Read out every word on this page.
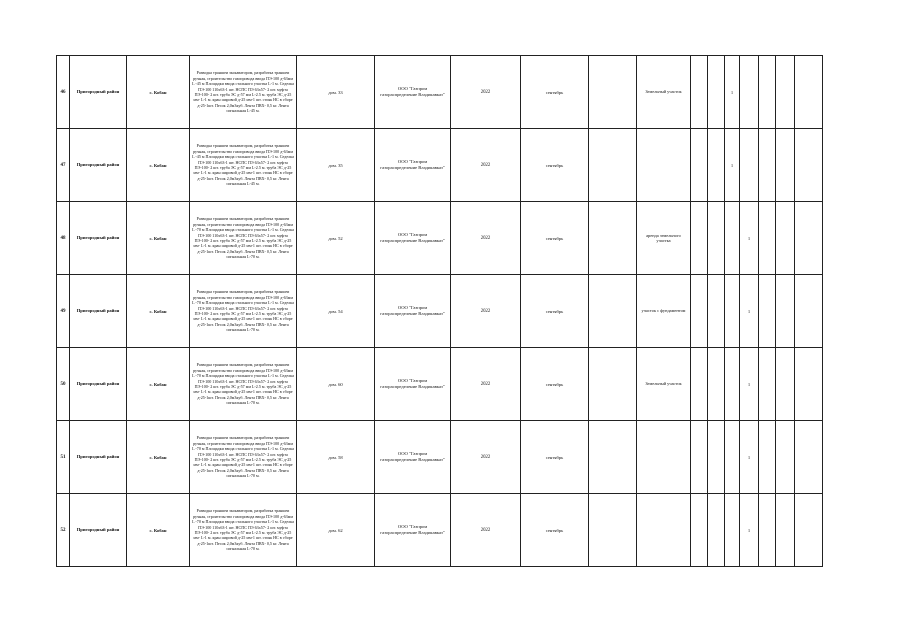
46	Пригородный район	с. Кобан	Разводка траншеи экскаватором, разработка траншеи ручная, строительство газопровода ввода ПЭ-100 д-63мм L -45 м Площадки ввода стального участка L-1 м. Седелка ПЭ-100 110х63-1 шт. НСПС ПЭ 63х57- 2 шт. муфта ПЭ-100- 2 шт. труба ЭС д-57 мм L-2.5 м. труба ЭС д-25 мм- L-1 м. кран шаровой д-25 мм-1 шт. стояк НС в сборе д-25-1шт. Песок 2,0м3куб. Лента ПВХ- 0,5 кг. Лента сигнальная L-45 м.	дом. 33	ООО "Газпром газораспределение Владикавказ"	2022	сентябрь		Земельный участок			1				
47	Пригородный район	с. Кобан	Разводка траншеи экскаватором, разработка траншеи ручная, строительство газопровода ввода ПЭ-100 д-63мм L -45 м Площадки ввода стального участка L-1 м. Седелка ПЭ-100 110х63-1 шт. НСПС ПЭ 63х57- 2 шт. муфта ПЭ-100- 2 шт. труба ЭС д-57 мм L-2.5 м. труба ЭС д-25 мм- L-1 м. кран шаровой д-25 мм-1 шт. стояк НС в сборе д-25-1шт. Песок 2,0м3куб. Лента ПВХ- 0,5 кг. Лента сигнальная L-45 м.	дом. 35	ООО "Газпром газораспределение Владикавказ"	2022	сентябрь					1				
48	Пригородный район	с. Кобан	Разводка траншеи экскаватором, разработка траншеи ручная, строительство газопровода ввода ПЭ-100 д-63мм L -70 м Площадки ввода стального участка L-1 м. Седелка ПЭ-100 110х63-1 шт. НСПС ПЭ 63х57- 2 шт. муфта ПЭ-100- 2 шт. труба ЭС д-57 мм L-2.5 м. труба ЭС д-25 мм- L-1 м. кран шаровой д-25 мм-1 шт. стояк НС в сборе д-25-1шт. Песок 2,0м3куб. Лента ПВХ- 0,5 кг. Лента сигнальная L-70 м.	дом. 52	ООО "Газпром газораспределение Владикавказ"	2022	сентябрь		аренда земельного участка				1			
49	Пригородный район	с. Кобан	Разводка траншеи экскаватором, разработка траншеи ручная, строительство газопровода ввода ПЭ-100 д-63мм L -70 м Площадки ввода стального участка L-1 м. Седелка ПЭ-100 110х63-1 шт. НСПС ПЭ 63х57- 2 шт. муфта ПЭ-100- 2 шт. труба ЭС д-57 мм L-2.5 м. труба ЭС д-25 мм- L-1 м. кран шаровой д-25 мм-1 шт. стояк НС в сборе д-25-1шт. Песок 2,0м3куб. Лента ПВХ- 0,5 кг. Лента сигнальная L-70 м.	дом. 54	ООО "Газпром газораспределение Владикавказ"	2022	сентябрь		участок с фундаментом				1			
50	Пригородный район	с. Кобан	Разводка траншеи экскаватором, разработка траншеи ручная, строительство газопровода ввода ПЭ-100 д-63мм L -70 м Площадки ввода стального участка L-1 м. Седелка ПЭ-100 110х63-1 шт. НСПС ПЭ 63х57- 2 шт. муфта ПЭ-100- 2 шт. труба ЭС д-57 мм L-2.5 м. труба ЭС д-25 мм- L-1 м. кран шаровой д-25 мм-1 шт. стояк НС в сборе д-25-1шт. Песок 2,0м3куб. Лента ПВХ- 0,5 кг. Лента сигнальная L-70 м.	дом. 60	ООО "Газпром газораспределение Владикавказ"	2022	сентябрь		Земельный участок				1			
51	Пригородный район	с. Кобан	Разводка траншеи экскаватором, разработка траншеи ручная, строительство газопровода ввода ПЭ-100 д-63мм L -70 м Площадки ввода стального участка L-1 м. Седелка ПЭ-100 110х63-1 шт. НСПС ПЭ 63х57- 2 шт. муфта ПЭ-100- 2 шт. труба ЭС д-57 мм L-2.5 м. труба ЭС д-25 мм- L-1 м. кран шаровой д-25 мм-1 шт. стояк НС в сборе д-25-1шт. Песок 2,0м3куб. Лента ПВХ- 0,5 кг. Лента сигнальная L-70 м.	дом. 58	ООО "Газпром газораспределение Владикавказ"	2022	сентябрь						1			
52	Пригородный район	с. Кобан	Разводка траншеи экскаватором, разработка траншеи ручная, строительство газопровода ввода ПЭ-100 д-63мм L -70 м Площадки ввода стального участка L-1 м. Седелка ПЭ-100 110х63-1 шт. НСПС ПЭ 63х57- 2 шт. муфта ПЭ-100- 2 шт. труба ЭС д-57 мм L-2.5 м. труба ЭС д-25 мм- L-1 м. кран шаровой д-25 мм-1 шт. стояк НС в сборе д-25-1шт. Песок 2,0м3куб. Лента ПВХ- 0,5 кг. Лента сигнальная L-70 м.	дом. 62	ООО "Газпром газораспределение Владикавказ"	2022	сентябрь						1			
